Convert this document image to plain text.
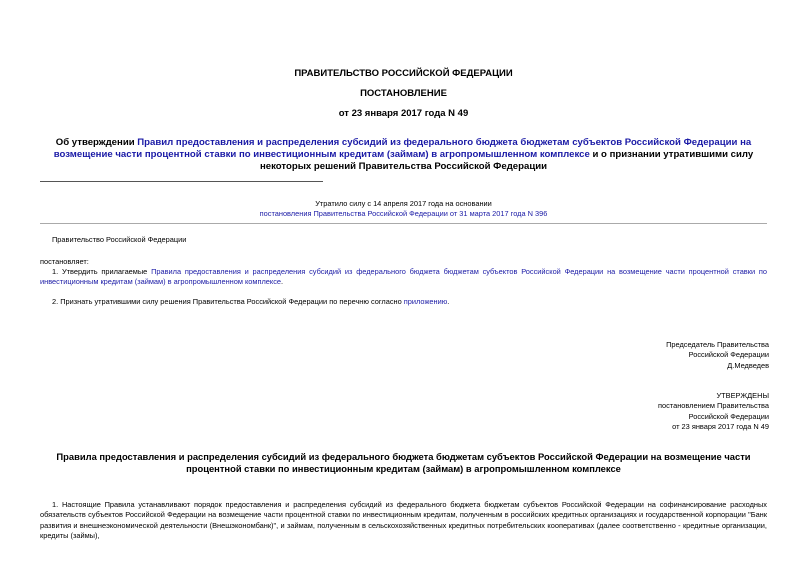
ПРАВИТЕЛЬСТВО РОССИЙСКОЙ ФЕДЕРАЦИИ
ПОСТАНОВЛЕНИЕ
от 23 января 2017 года N 49
Об утверждении Правил предоставления и распределения субсидий из федерального бюджета бюджетам субъектов Российской Федерации на возмещение части процентной ставки по инвестиционным кредитам (займам) в агропромышленном комплексе и о признании утратившими силу некоторых решений Правительства Российской Федерации
Утратило силу с 14 апреля 2017 года на основании
постановления Правительства Российской Федерации от 31 марта 2017 года N 396
Правительство Российской Федерации
постановляет:
1. Утвердить прилагаемые Правила предоставления и распределения субсидий из федерального бюджета бюджетам субъектов Российской Федерации на возмещение части процентной ставки по инвестиционным кредитам (займам) в агропромышленном комплексе.
2. Признать утратившими силу решения Правительства Российской Федерации по перечню согласно приложению.
Председатель Правительства
Российской Федерации
Д.Медведев
УТВЕРЖДЕНЫ
постановлением Правительства
Российской Федерации
от 23 января 2017 года N 49
Правила предоставления и распределения субсидий из федерального бюджета бюджетам субъектов Российской Федерации на возмещение части процентной ставки по инвестиционным кредитам (займам) в агропромышленном комплексе
1. Настоящие Правила устанавливают порядок предоставления и распределения субсидий из федерального бюджета бюджетам субъектов Российской Федерации на софинансирование расходных обязательств субъектов Российской Федерации на возмещение части процентной ставки по инвестиционным кредитам, полученным в российских кредитных организациях и государственной корпорации "Банк развития и внешнеэкономической деятельности (Внешэкономбанк)", и займам, полученным в сельскохозяйственных кредитных потребительских кооперативах (далее соответственно - кредитные организации, кредиты (займы),
